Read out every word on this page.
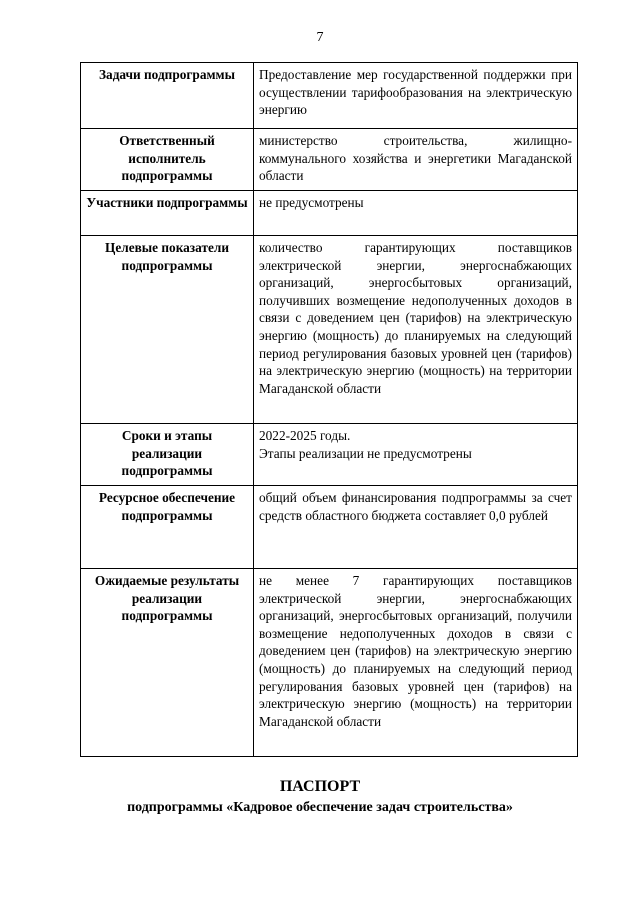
7
Задачи подпрограммы	Предоставление мер государственной поддержки при осуществлении тарифообразования на электрическую энергию
Ответственный исполнитель подпрограммы	министерство строительства, жилищно-коммунального хозяйства и энергетики Магаданской области
Участники подпрограммы	не предусмотрены
Целевые показатели подпрограммы	количество гарантирующих поставщиков электрической энергии, энергоснабжающих организаций, энергосбытовых организаций, получивших возмещение недополученных доходов в связи с доведением цен (тарифов) на электрическую энергию (мощность) до планируемых на следующий период регулирования базовых уровней цен (тарифов) на электрическую энергию (мощность) на территории Магаданской области
Сроки и этапы реализации подпрограммы	2022-2025 годы.
Этапы реализации не предусмотрены

Ресурсное обеспечение подпрограммы	общий объем финансирования подпрограммы за счет средств областного бюджета составляет 0,0 рублей
Ожидаемые результаты реализации подпрограммы	не менее 7 гарантирующих поставщиков электрической энергии, энергоснабжающих организаций, энергосбытовых организаций, получили возмещение недополученных доходов в связи с доведением цен (тарифов) на электрическую энергию (мощность) до планируемых на следующий период регулирования базовых уровней цен (тарифов) на электрическую энергию (мощность) на территории Магаданской области
ПАСПОРТ
подпрограммы «Кадровое обеспечение задач строительства»
